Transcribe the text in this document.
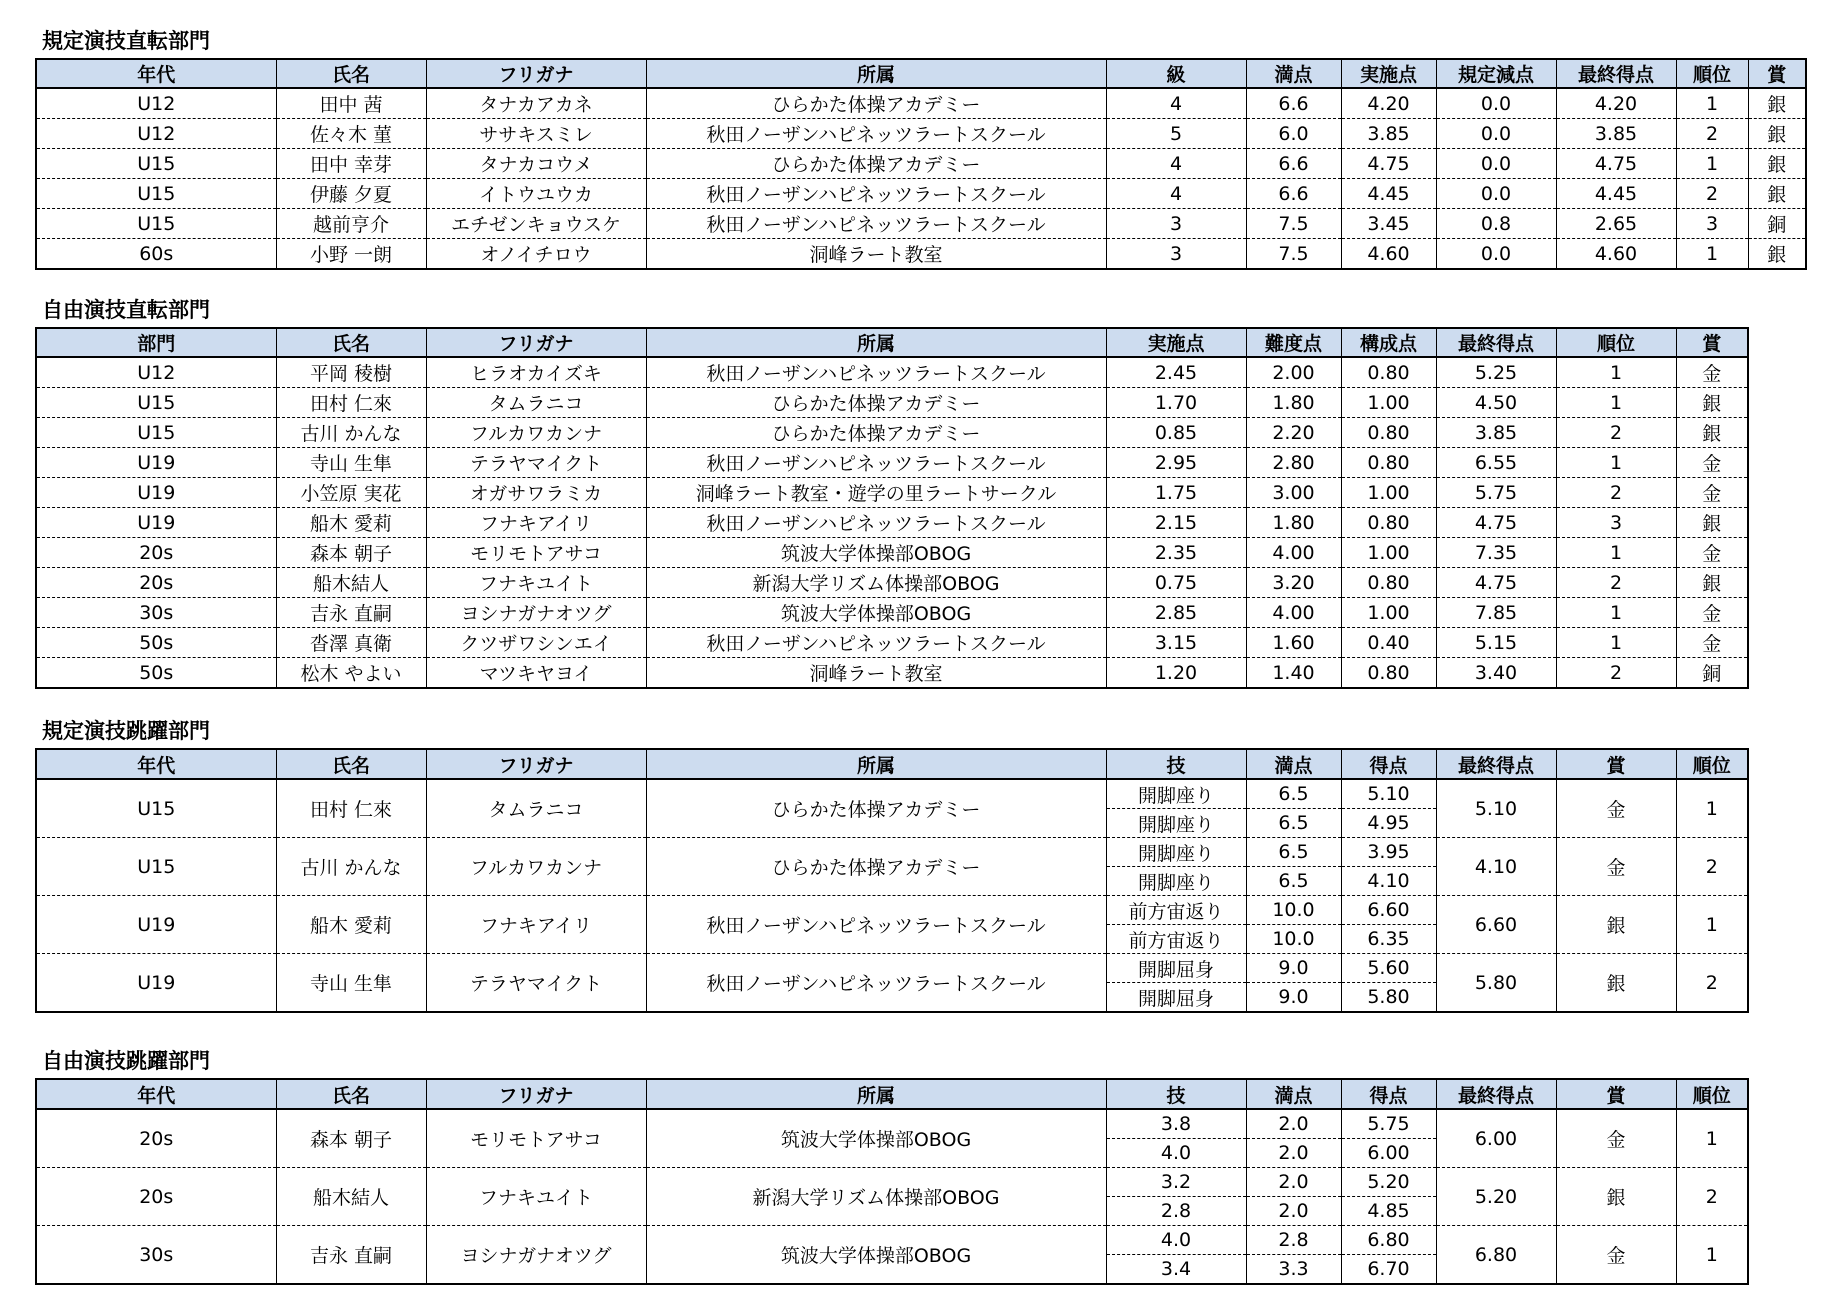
規定演技直転部門
年代	氏名	フリガナ	所属	級	満点	実施点	規定減点	最終得点	順位	賞
U12	田中 茜	タナカアカネ	ひらかた体操アカデミー	4	6.6	4.20	0.0	4.20	1	銀
U12	佐々木 菫	ササキスミレ	秋田ノーザンハピネッツラートスクール	5	6.0	3.85	0.0	3.85	2	銀
U15	田中 幸芽	タナカコウメ	ひらかた体操アカデミー	4	6.6	4.75	0.0	4.75	1	銀
U15	伊藤 夕夏	イトウユウカ	秋田ノーザンハピネッツラートスクール	4	6.6	4.45	0.0	4.45	2	銀
U15	越前亨介	エチゼンキョウスケ	秋田ノーザンハピネッツラートスクール	3	7.5	3.45	0.8	2.65	3	銅
60s	小野 一朗	オノイチロウ	洞峰ラート教室	3	7.5	4.60	0.0	4.60	1	銀
自由演技直転部門
部門	氏名	フリガナ	所属	実施点	難度点	構成点	最終得点	順位	賞
U12	平岡 稜樹	ヒラオカイズキ	秋田ノーザンハピネッツラートスクール	2.45	2.00	0.80	5.25	1	金
U15	田村 仁來	タムラニコ	ひらかた体操アカデミー	1.70	1.80	1.00	4.50	1	銀
U15	古川 かんな	フルカワカンナ	ひらかた体操アカデミー	0.85	2.20	0.80	3.85	2	銀
U19	寺山 生隼	テラヤマイクト	秋田ノーザンハピネッツラートスクール	2.95	2.80	0.80	6.55	1	金
U19	小笠原 実花	オガサワラミカ	洞峰ラート教室・遊学の里ラートサークル	1.75	3.00	1.00	5.75	2	金
U19	船木 愛莉	フナキアイリ	秋田ノーザンハピネッツラートスクール	2.15	1.80	0.80	4.75	3	銀
20s	森本 朝子	モリモトアサコ	筑波大学体操部OBOG	2.35	4.00	1.00	7.35	1	金
20s	船木結人	フナキユイト	新潟大学リズム体操部OBOG	0.75	3.20	0.80	4.75	2	銀
30s	吉永 直嗣	ヨシナガナオツグ	筑波大学体操部OBOG	2.85	4.00	1.00	7.85	1	金
50s	沓澤 真衛	クツザワシンエイ	秋田ノーザンハピネッツラートスクール	3.15	1.60	0.40	5.15	1	金
50s	松木 やよい	マツキヤヨイ	洞峰ラート教室	1.20	1.40	0.80	3.40	2	銅
規定演技跳躍部門
年代	氏名	フリガナ	所属	技	満点	得点	最終得点	賞	順位
U15	田村 仁來	タムラニコ	ひらかた体操アカデミー	開脚座り	6.5	5.10	5.10	金	1
				開脚座り	6.5	4.95			
U15	古川 かんな	フルカワカンナ	ひらかた体操アカデミー	開脚座り	6.5	3.95	4.10	金	2
				開脚座り	6.5	4.10			
U19	船木 愛莉	フナキアイリ	秋田ノーザンハピネッツラートスクール	前方宙返り	10.0	6.60	6.60	銀	1
				前方宙返り	10.0	6.35			
U19	寺山 生隼	テラヤマイクト	秋田ノーザンハピネッツラートスクール	開脚屈身	9.0	5.60	5.80	銀	2
				開脚屈身	9.0	5.80			
自由演技跳躍部門
年代	氏名	フリガナ	所属	技	満点	得点	最終得点	賞	順位
20s	森本 朝子	モリモトアサコ	筑波大学体操部OBOG	3.8	2.0	5.75	6.00	金	1
				4.0	2.0	6.00			
20s	船木結人	フナキユイト	新潟大学リズム体操部OBOG	3.2	2.0	5.20	5.20	銀	2
				2.8	2.0	4.85			
30s	吉永 直嗣	ヨシナガナオツグ	筑波大学体操部OBOG	4.0	2.8	6.80	6.80	金	1
				3.4	3.3	6.70			
